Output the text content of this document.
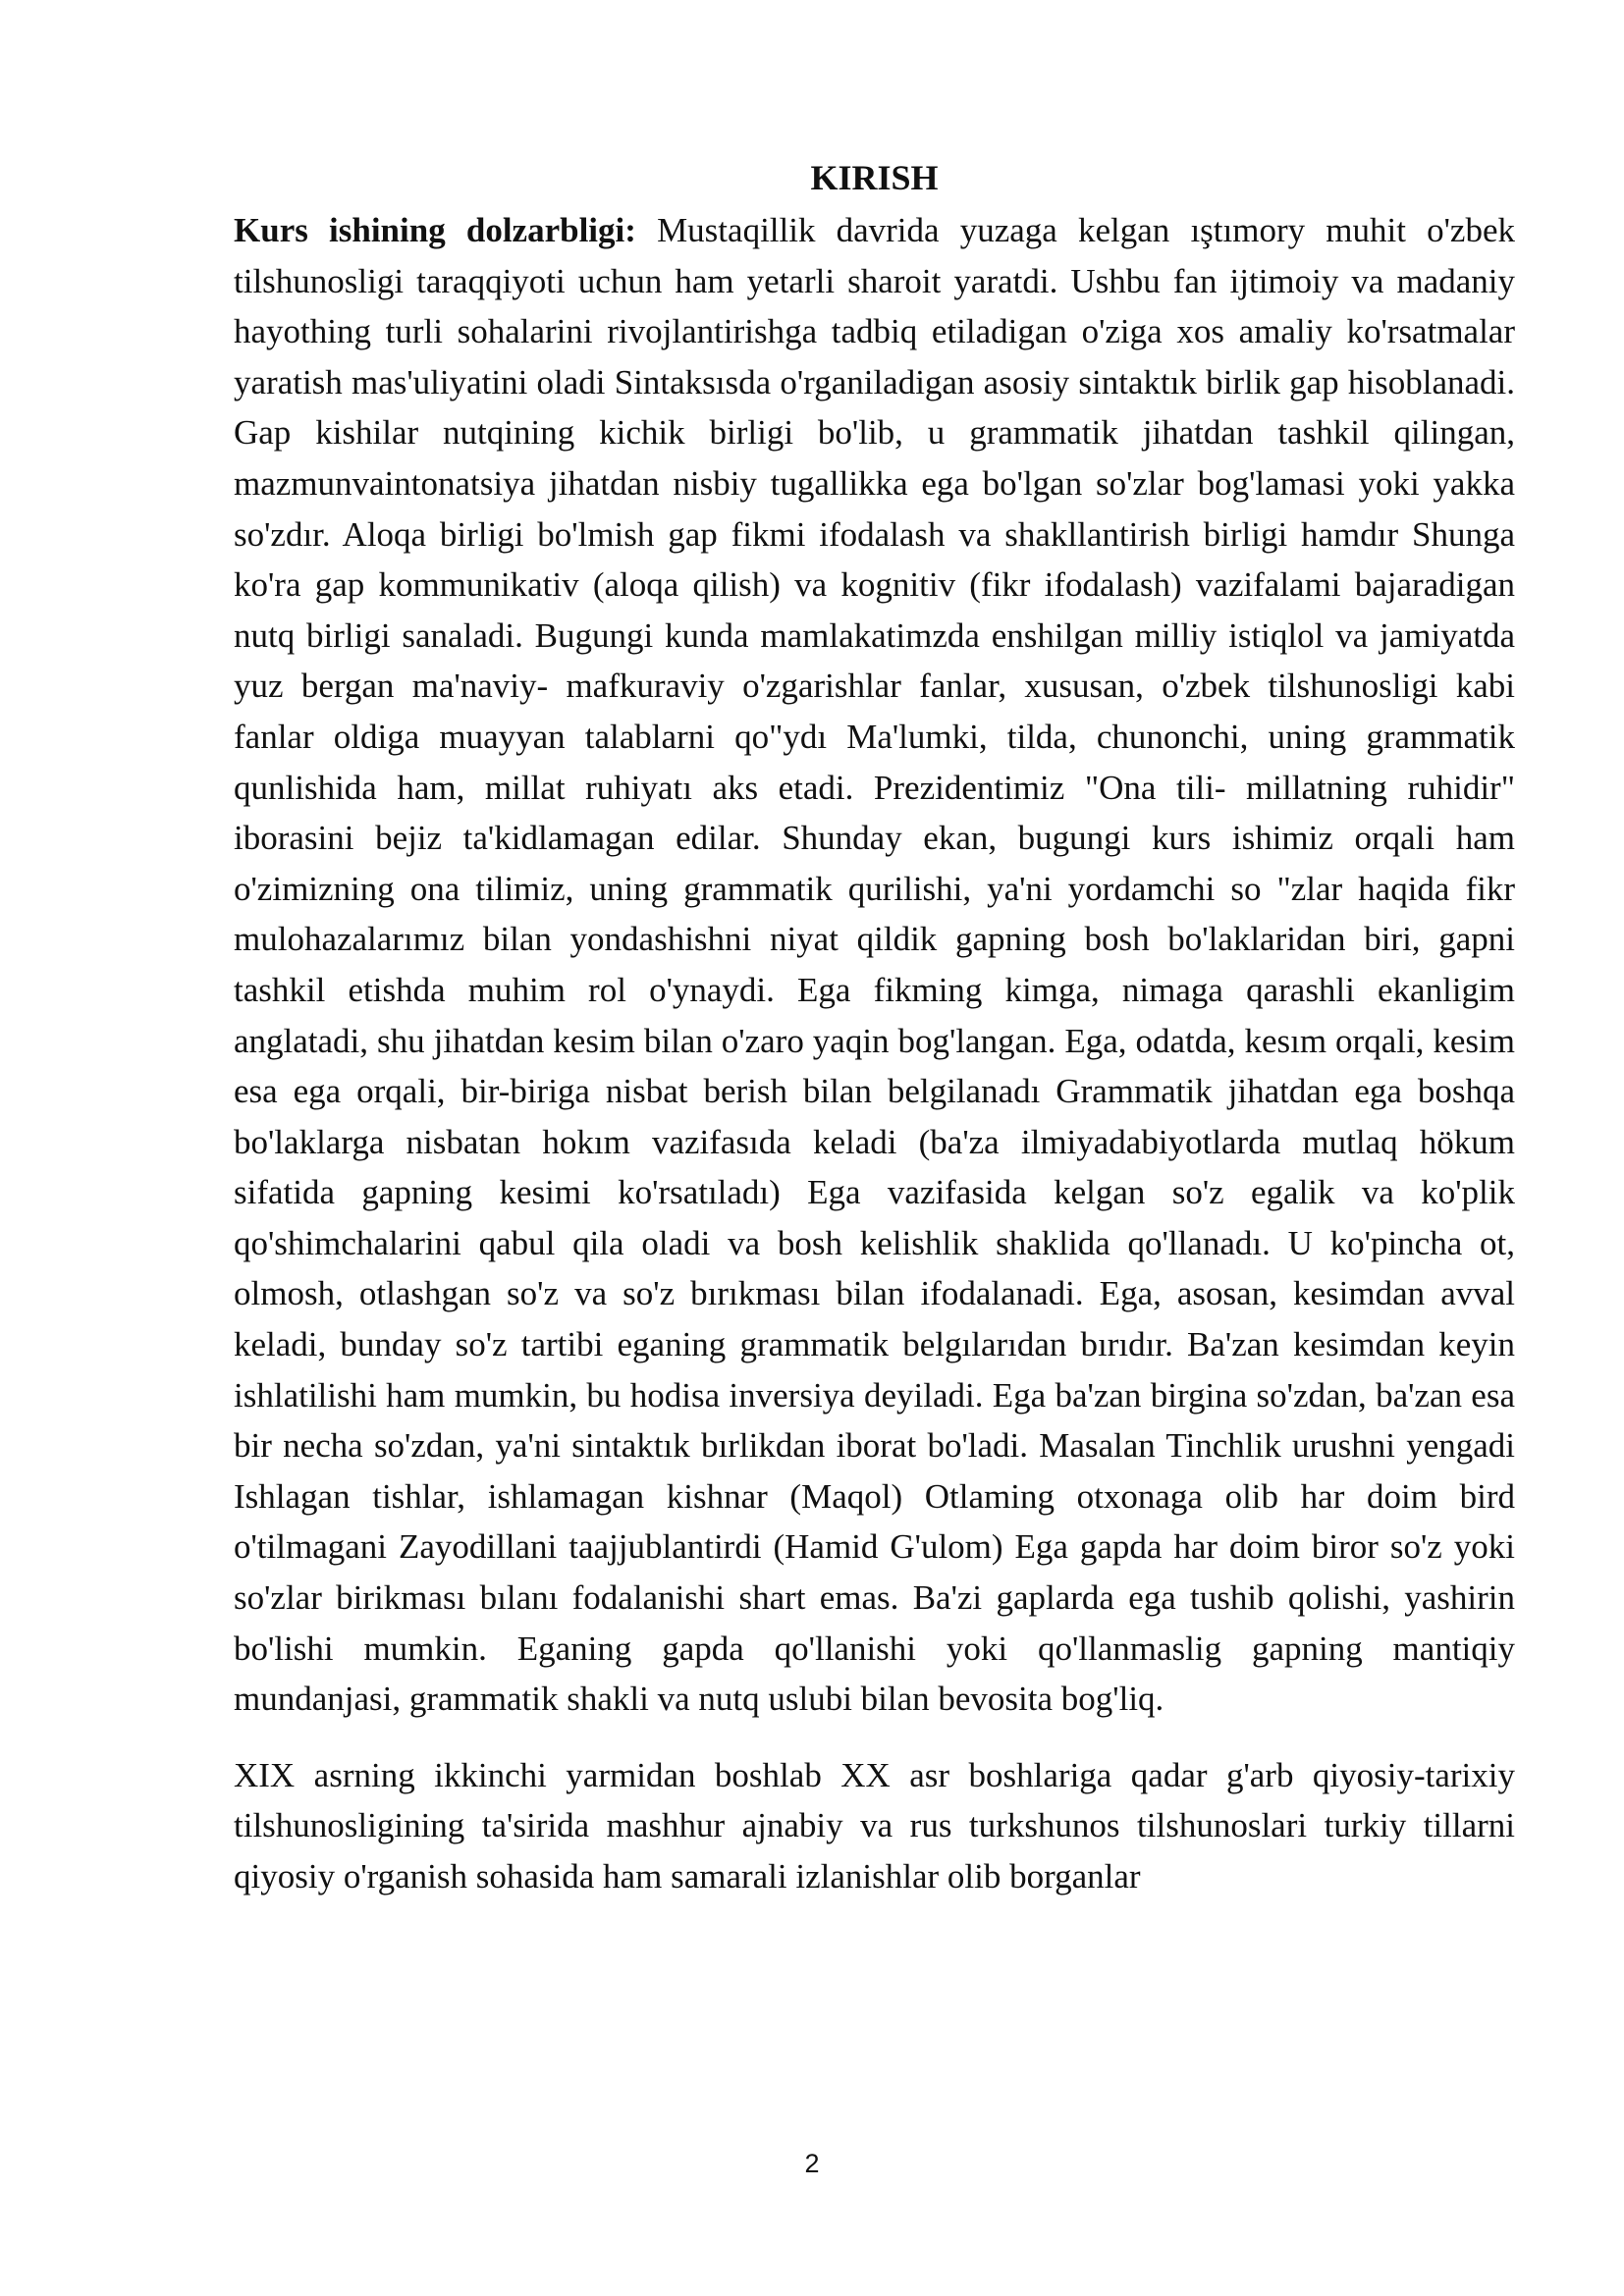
KIRISH

Kurs ishining dolzarbligi: Mustaqillik davrida yuzaga kelgan ıştımory muhit o'zbek tilshunosligi taraqqiyoti uchun ham yetarli sharoit yaratdi. Ushbu fan ijtimoiy va madaniy hayothing turli sohalarini rivojlantirishga tadbiq etiladigan o'ziga xos amaliy ko'rsatmalar yaratish mas'uliyatini oladi Sintaksısda o'rganiladigan asosiy sintaktık birlik gap hisoblanadi. Gap kishilar nutqining kichik birligi bo'lib, u grammatik jihatdan tashkil qilingan, mazmunvaintonatsiya jihatdan nisbiy tugallikka ega bo'lgan so'zlar bog'lamasi yoki yakka so'zdır. Aloqa birligi bo'lmish gap fikmi ifodalash va shakllantirish birligi hamdır Shunga ko'ra gap kommunikativ (aloqa qilish) va kognitiv (fikr ifodalash) vazifalami bajaradigan nutq birligi sanaladi. Bugungi kunda mamlakatimzda enshilgan milliy istiqlol va jamiyatda yuz bergan ma'naviy- mafkuraviy o'zgarishlar fanlar, xususan, o'zbek tilshunosligi kabi fanlar oldiga muayyan talablarni qo"ydı Ma'lumki, tilda, chunonchi, uning grammatik qunlishida ham, millat ruhiyatı aks etadi. Prezidentimiz "Ona tili- millatning ruhidir" iborasini bejiz ta'kidlamagan edilar. Shunday ekan, bugungi kurs ishimiz orqali ham o'zimizning ona tilimiz, uning grammatik qurilishi, ya'ni yordamchi so "zlar haqida fikr mulohazalarımız bilan yondashishni niyat qildik gapning bosh bo'laklaridan biri, gapni tashkil etishda muhim rol o'ynaydi. Ega fikming kimga, nimaga qarashli ekanligim anglatadi, shu jihatdan kesim bilan o'zaro yaqin bog'langan. Ega, odatda, kesım orqali, kesim esa ega orqali, bir-biriga nisbat berish bilan belgilanadı Grammatik jihatdan ega boshqa bo'laklarga nisbatan hokım vazifasıda keladi (ba'za ilmiyadabiyotlarda mutlaq hökum sifatida gapning kesimi ko'rsatıladı) Ega vazifasida kelgan so'z egalik va ko'plik qo'shimchalarini qabul qila oladi va bosh kelishlik shaklida qo'llanadı. U ko'pincha ot, olmosh, otlashgan so'z va so'z bırıkması bilan ifodalanadi. Ega, asosan, kesimdan avval keladi, bunday so'z tartibi eganing grammatik belgılarıdan bırıdır. Ba'zan kesimdan keyin ishlatilishi ham mumkin, bu hodisa inversiya deyiladi. Ega ba'zan birgina so'zdan, ba'zan esa bir necha so'zdan, ya'ni sintaktık bırlikdan iborat bo'ladi. Masalan Tinchlik urushni yengadi Ishlagan tishlar, ishlamagan kishnar (Maqol) Otlaming otxonaga olib har doim bird o'tilmagani Zayodillani taajjublantirdi (Hamid G'ulom) Ega gapda har doim biror so'z yoki so'zlar birikması bılanı fodalanishi shart emas. Ba'zi gaplarda ega tushib qolishi, yashirin bo'lishi mumkin. Eganing gapda qo'llanishi yoki qo'llanmaslig gapning mantiqiy mundanjasi, grammatik shakli va nutq uslubi bilan bevosita bog'liq.

XIX asrning ikkinchi yarmidan boshlab XX asr boshlariga qadar g'arb qiyosiy-tarixiy tilshunosligining ta'sirida mashhur ajnabiy va rus turkshunos tilshunoslari turkiy tillarni qiyosiy o'rganish sohasida ham samarali izlanishlar olib borganlar

2
